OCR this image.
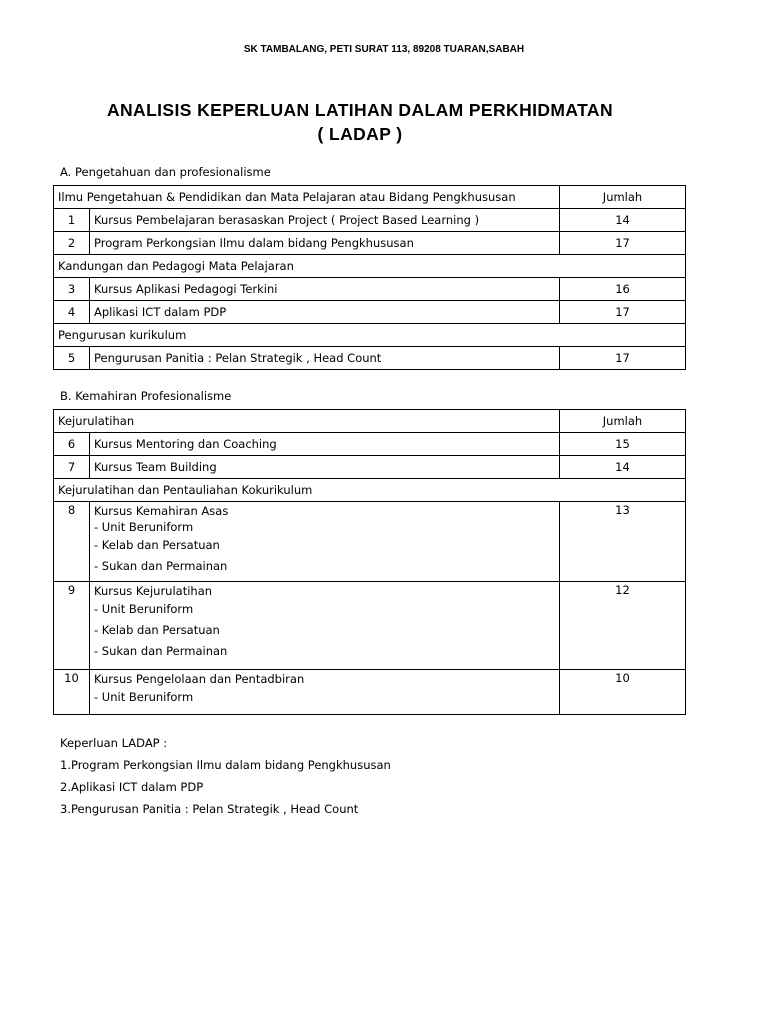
SK TAMBALANG, PETI SURAT 113, 89208 TUARAN,SABAH
ANALISIS KEPERLUAN LATIHAN DALAM PERKHIDMATAN
( LADAP )
A. Pengetahuan dan profesionalisme
Ilmu Pengetahuan & Pendidikan dan Mata Pelajaran atau Bidang Pengkhususan		Jumlah
1	Kursus Pembelajaran berasaskan Project ( Project Based Learning )	14
2	Program Perkongsian Ilmu dalam bidang Pengkhususan	17
Kandungan dan Pedagogi Mata Pelajaran		
3	Kursus Aplikasi Pedagogi Terkini	16
4	Aplikasi ICT dalam PDP	17
Pengurusan kurikulum		
5	Pengurusan Panitia : Pelan Strategik , Head Count	17
B. Kemahiran Profesionalisme
Kejurulatihan		Jumlah
6	Kursus Mentoring dan Coaching	15
7	Kursus Team Building	14
Kejurulatihan dan Pentauliahan Kokurikulum		
8	Kursus Kemahiran Asas
- Unit Beruniform
- Kelab dan Persatuan
- Sukan dan Permainan	13
9	Kursus Kejurulatihan
- Unit Beruniform
- Kelab dan Persatuan
- Sukan dan Permainan	12
10	Kursus Pengelolaan dan Pentadbiran
- Unit Beruniform	10
Keperluan LADAP :
1.Program Perkongsian Ilmu dalam bidang Pengkhususan
2.Aplikasi ICT dalam PDP
3.Pengurusan Panitia : Pelan Strategik , Head Count
